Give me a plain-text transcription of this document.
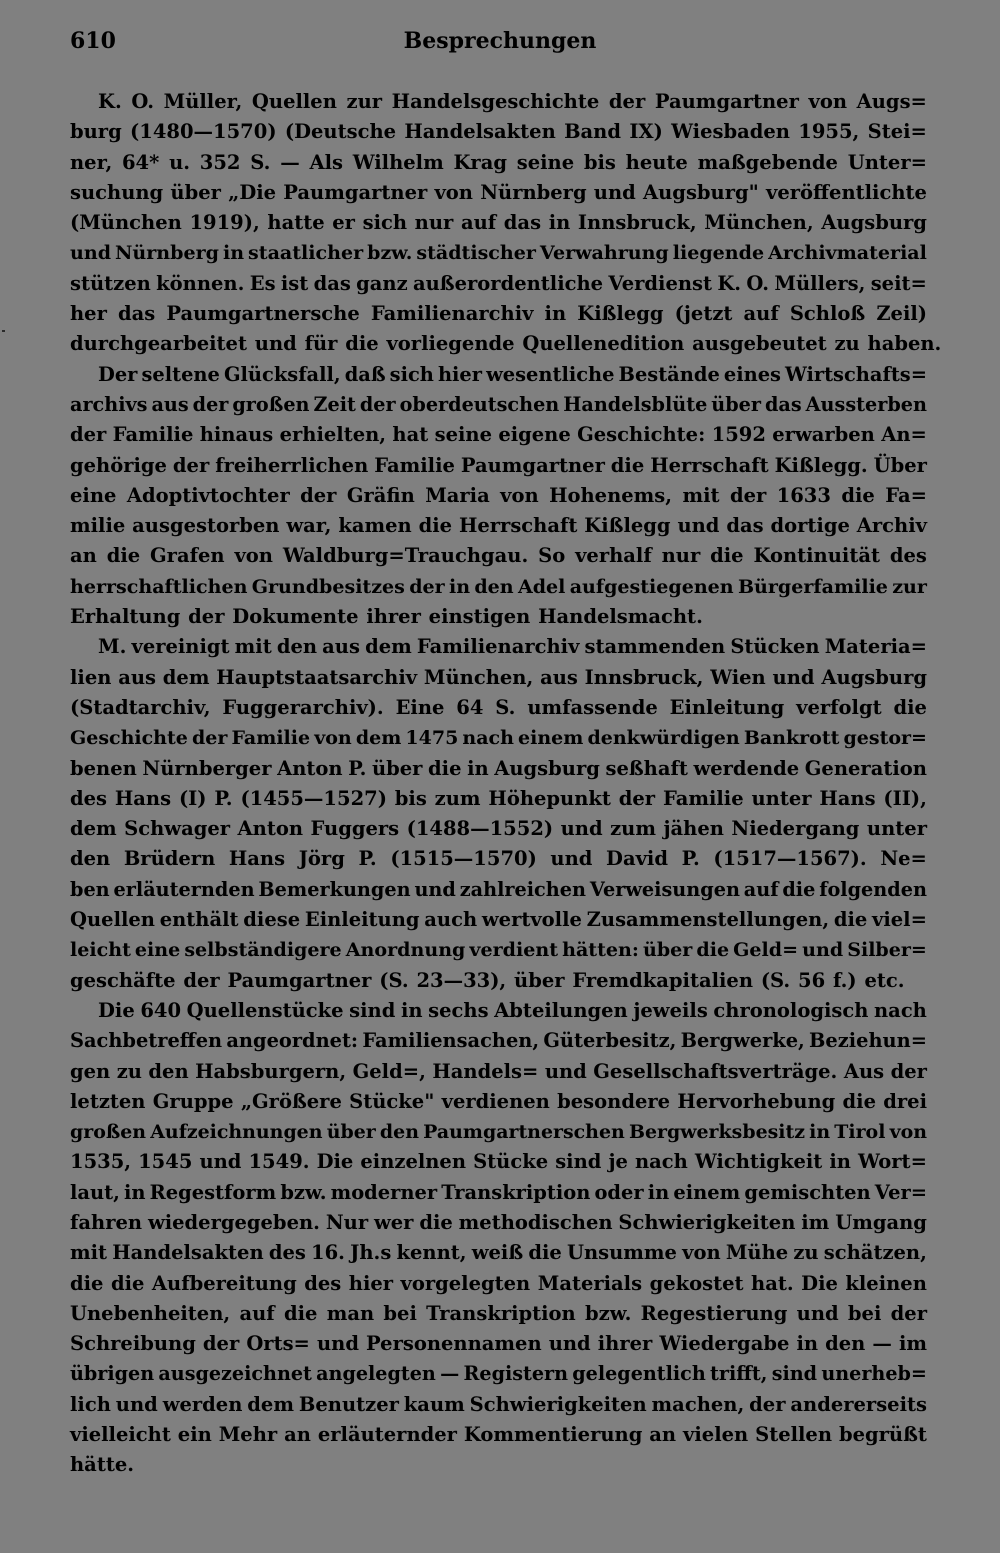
610	Besprechungen
K. O. Müller, Quellen zur Handelsgeschichte der Paumgartner von Augs=
burg (1480—1570) (Deutsche Handelsakten Band IX) Wiesbaden 1955, Stei=
ner, 64* u. 352 S. — Als Wilhelm Krag seine bis heute maßgebende Unter=
suchung über „Die Paumgartner von Nürnberg und Augsburg" veröffentlichte
(München 1919), hatte er sich nur auf das in Innsbruck, München, Augsburg
und Nürnberg in staatlicher bzw. städtischer Verwahrung liegende Archivmaterial
stützen können. Es ist das ganz außerordentliche Verdienst K. O. Müllers, seit=
her das Paumgartnersche Familienarchiv in Kißlegg (jetzt auf Schloß Zeil)
durchgearbeitet und für die vorliegende Quellenedition ausgebeutet zu haben.
Der seltene Glücksfall, daß sich hier wesentliche Bestände eines Wirtschafts=
archivs aus der großen Zeit der oberdeutschen Handelsblüte über das Aussterben
der Familie hinaus erhielten, hat seine eigene Geschichte: 1592 erwarben An=
gehörige der freiherrlichen Familie Paumgartner die Herrschaft Kißlegg. Über
eine Adoptivtochter der Gräfin Maria von Hohenems, mit der 1633 die Fa=
milie ausgestorben war, kamen die Herrschaft Kißlegg und das dortige Archiv
an die Grafen von Waldburg=Trauchgau. So verhalf nur die Kontinuität des
herrschaftlichen Grundbesitzes der in den Adel aufgestiegenen Bürgerfamilie zur
Erhaltung der Dokumente ihrer einstigen Handelsmacht.
M. vereinigt mit den aus dem Familienarchiv stammenden Stücken Materia=
lien aus dem Hauptstaatsarchiv München, aus Innsbruck, Wien und Augsburg
(Stadtarchiv, Fuggerarchiv). Eine 64 S. umfassende Einleitung verfolgt die
Geschichte der Familie von dem 1475 nach einem denkwürdigen Bankrott gestor=
benen Nürnberger Anton P. über die in Augsburg seßhaft werdende Generation
des Hans (I) P. (1455—1527) bis zum Höhepunkt der Familie unter Hans (II),
dem Schwager Anton Fuggers (1488—1552) und zum jähen Niedergang unter
den Brüdern Hans Jörg P. (1515—1570) und David P. (1517—1567). Ne=
ben erläuternden Bemerkungen und zahlreichen Verweisungen auf die folgenden
Quellen enthält diese Einleitung auch wertvolle Zusammenstellungen, die viel=
leicht eine selbständigere Anordnung verdient hätten: über die Geld= und Silber=
geschäfte der Paumgartner (S. 23—33), über Fremdkapitalien (S. 56 f.) etc.
Die 640 Quellenstücke sind in sechs Abteilungen jeweils chronologisch nach
Sachbetreffen angeordnet: Familiensachen, Güterbesitz, Bergwerke, Beziehun=
gen zu den Habsburgern, Geld=, Handels= und Gesellschaftsverträge. Aus der
letzten Gruppe „Größere Stücke" verdienen besondere Hervorhebung die drei
großen Aufzeichnungen über den Paumgartnerschen Bergwerksbesitz in Tirol von
1535, 1545 und 1549. Die einzelnen Stücke sind je nach Wichtigkeit in Wort=
laut, in Regestform bzw. moderner Transkription oder in einem gemischten Ver=
fahren wiedergegeben. Nur wer die methodischen Schwierigkeiten im Umgang
mit Handelsakten des 16. Jh.s kennt, weiß die Unsumme von Mühe zu schätzen,
die die Aufbereitung des hier vorgelegten Materials gekostet hat. Die kleinen
Unebenheiten, auf die man bei Transkription bzw. Regestierung und bei der
Schreibung der Orts= und Personennamen und ihrer Wiedergabe in den — im
übrigen ausgezeichnet angelegten — Registern gelegentlich trifft, sind unerheb=
lich und werden dem Benutzer kaum Schwierigkeiten machen, der andererseits
vielleicht ein Mehr an erläuternder Kommentierung an vielen Stellen begrüßt
hätte.
